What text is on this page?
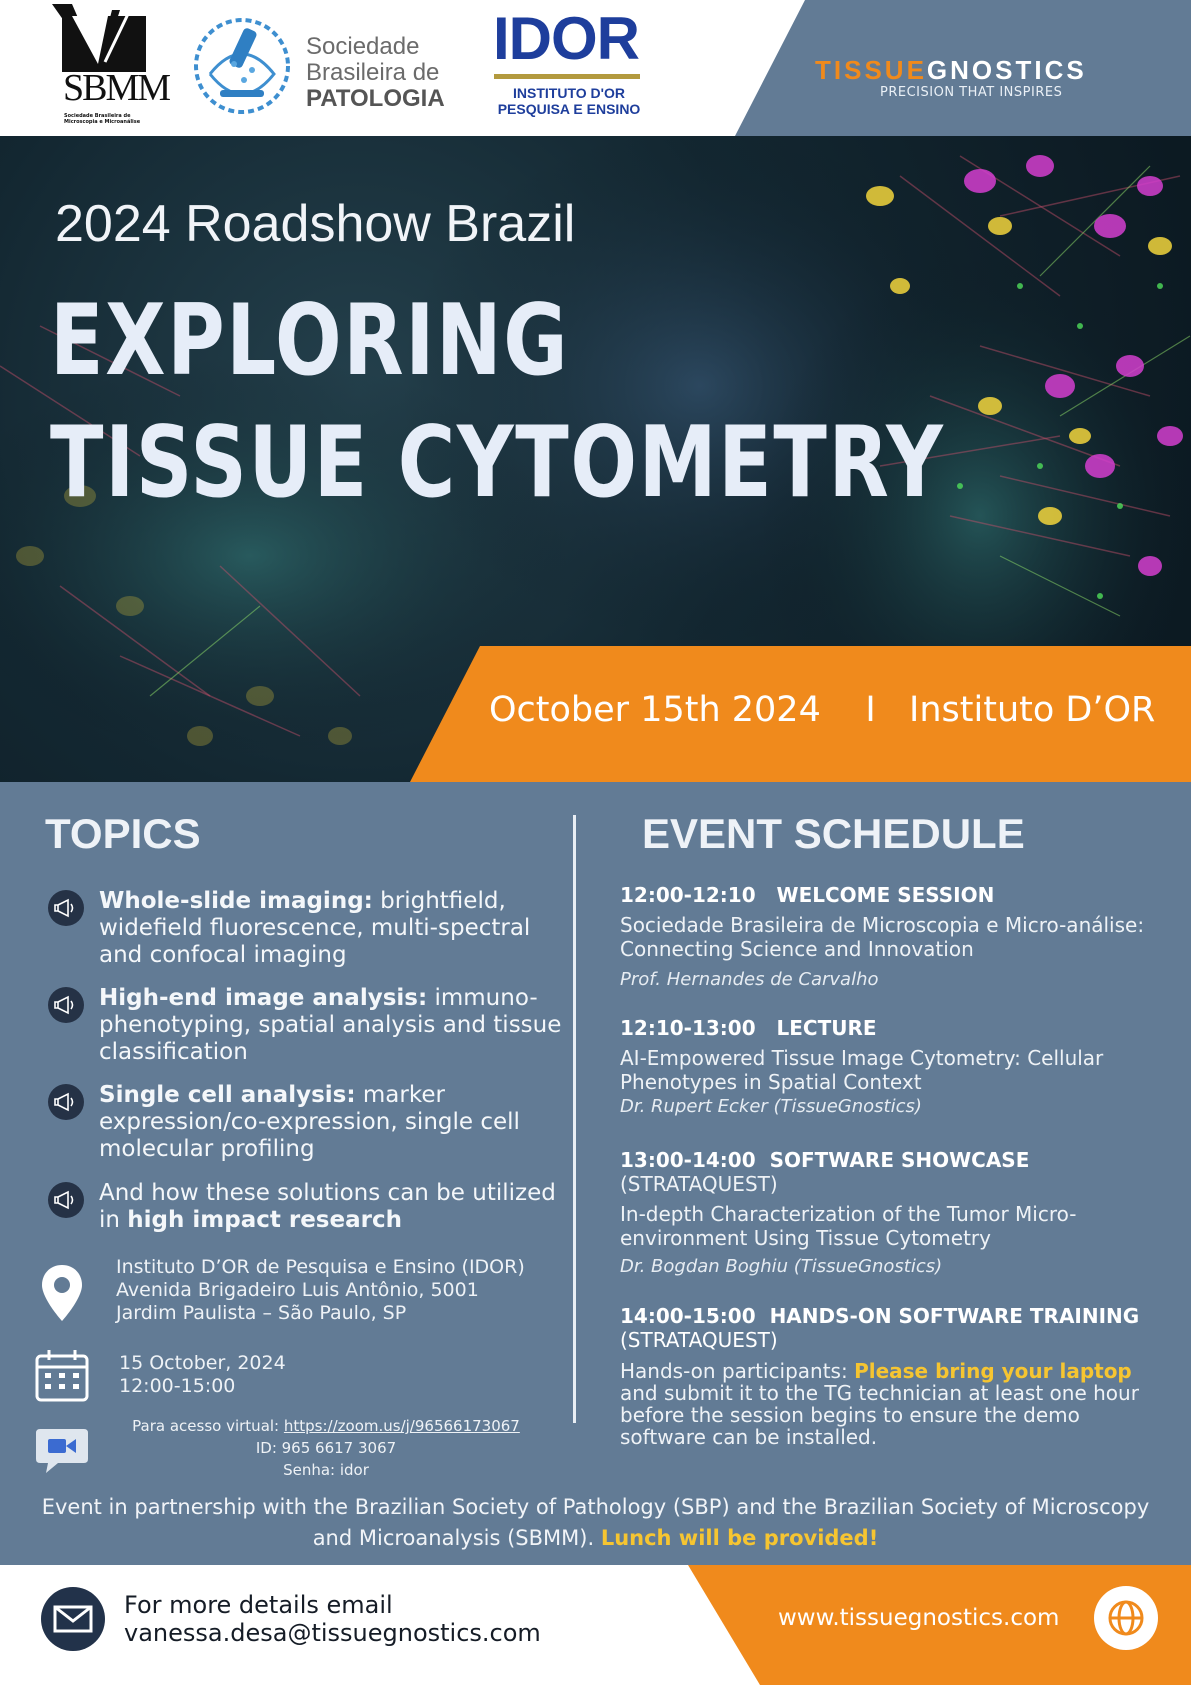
SBMM
Sociedade Brasileira de Microscopia e Microanálise
Sociedade
Brasileira de
PATOLOGIA
IDOR
INSTITUTO D'OR
PESQUISA E ENSINO
TISSUEGNOSTICS
PRECISION THAT INSPIRES
2024 Roadshow Brazil
EXPLORING
TISSUE CYTOMETRY
October 15th 2024    I   Instituto D’OR
TOPICS	EVENT SCHEDULE
Whole-slide imaging: brightfield, widefield fluorescence, multi-spectral and confocal imaging
High-end image analysis: immuno-phenotyping, spatial analysis and tissue classification
Single cell analysis: marker expression/co-expression, single cell molecular profiling
And how these solutions can be utilized in high impact research
Instituto D’OR de Pesquisa e Ensino (IDOR)
Avenida Brigadeiro Luis Antônio, 5001
Jardim Paulista – São Paulo, SP
15 October, 2024
12:00-15:00
Para acesso virtual: https://zoom.us/j/96566173067
ID: 965 6617 3067
Senha: idor
12:00-12:10 WELCOME SESSION
Sociedade Brasileira de Microscopia e Micro-análise: Connecting Science and Innovation
Prof. Hernandes de Carvalho
12:10-13:00 LECTURE
AI-Empowered Tissue Image Cytometry: Cellular Phenotypes in Spatial Context
Dr. Rupert Ecker (TissueGnostics)
13:00-14:00 SOFTWARE SHOWCASE
(STRATAQUEST)
In-depth Characterization of the Tumor Micro-environment Using Tissue Cytometry
Dr. Bogdan Boghiu (TissueGnostics)
14:00-15:00 HANDS-ON SOFTWARE TRAINING (STRATAQUEST)
Hands-on participants: Please bring your laptop and submit it to the TG technician at least one hour before the session begins to ensure the demo software can be installed.
Event in partnership with the Brazilian Society of Pathology (SBP) and the Brazilian Society of Microscopy and Microanalysis (SBMM). Lunch will be provided!
For more details email
vanessa.desa@tissuegnostics.com
www.tissuegnostics.com
